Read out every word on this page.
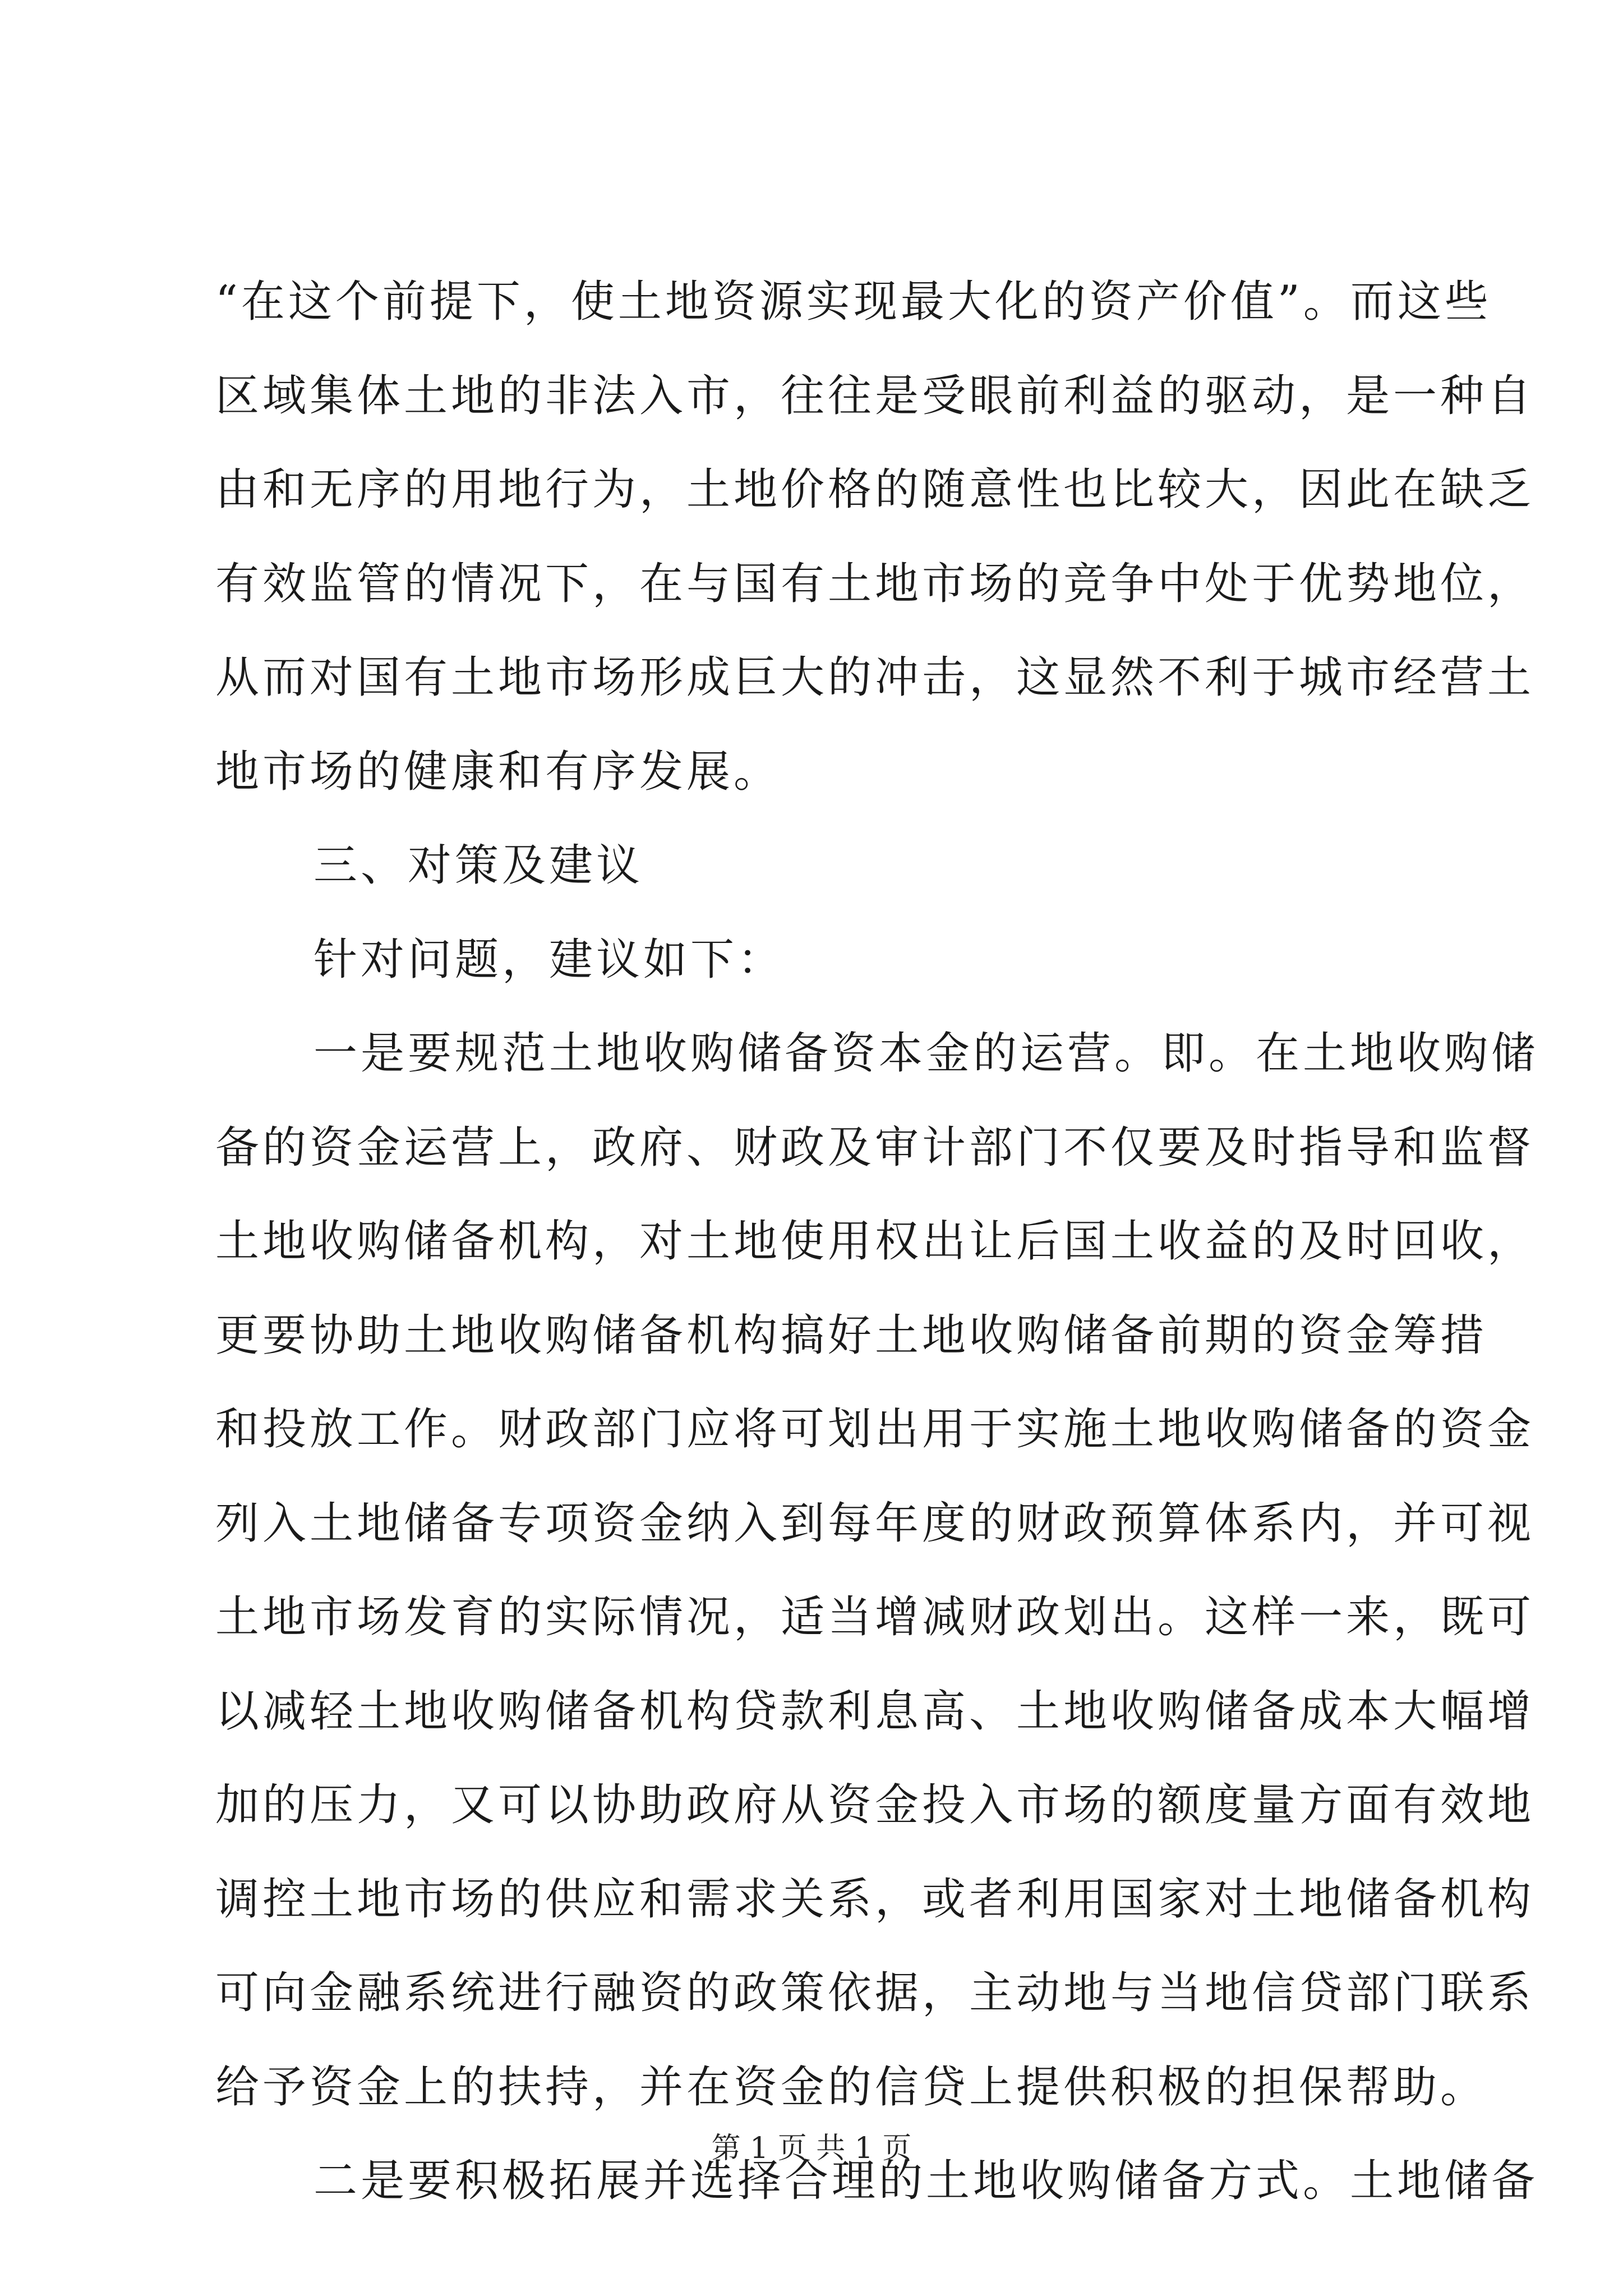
“在这个前提下，使土地资源实现最大化的资产价值”。而这些
区域集体土地的非法入市，往往是受眼前利益的驱动，是一种自
由和无序的用地行为，土地价格的随意性也比较大，因此在缺乏
有效监管的情况下，在与国有土地市场的竞争中处于优势地位，
从而对国有土地市场形成巨大的冲击，这显然不利于城市经营土
地市场的健康和有序发展。
三、对策及建议
针对问题，建议如下：
一是要规范土地收购储备资本金的运营。即。在土地收购储
备的资金运营上，政府、财政及审计部门不仅要及时指导和监督
土地收购储备机构，对土地使用权出让后国土收益的及时回收，
更要协助土地收购储备机构搞好土地收购储备前期的资金筹措
和投放工作。财政部门应将可划出用于实施土地收购储备的资金
列入土地储备专项资金纳入到每年度的财政预算体系内，并可视
土地市场发育的实际情况，适当增减财政划出。这样一来，既可
以减轻土地收购储备机构贷款利息高、土地收购储备成本大幅增
加的压力，又可以协助政府从资金投入市场的额度量方面有效地
调控土地市场的供应和需求关系，或者利用国家对土地储备机构
可向金融系统进行融资的政策依据，主动地与当地信贷部门联系
给予资金上的扶持，并在资金的信贷上提供积极的担保帮助。
二是要积极拓展并选择合理的土地收购储备方式。土地储备
第 1 页 共 1 页
